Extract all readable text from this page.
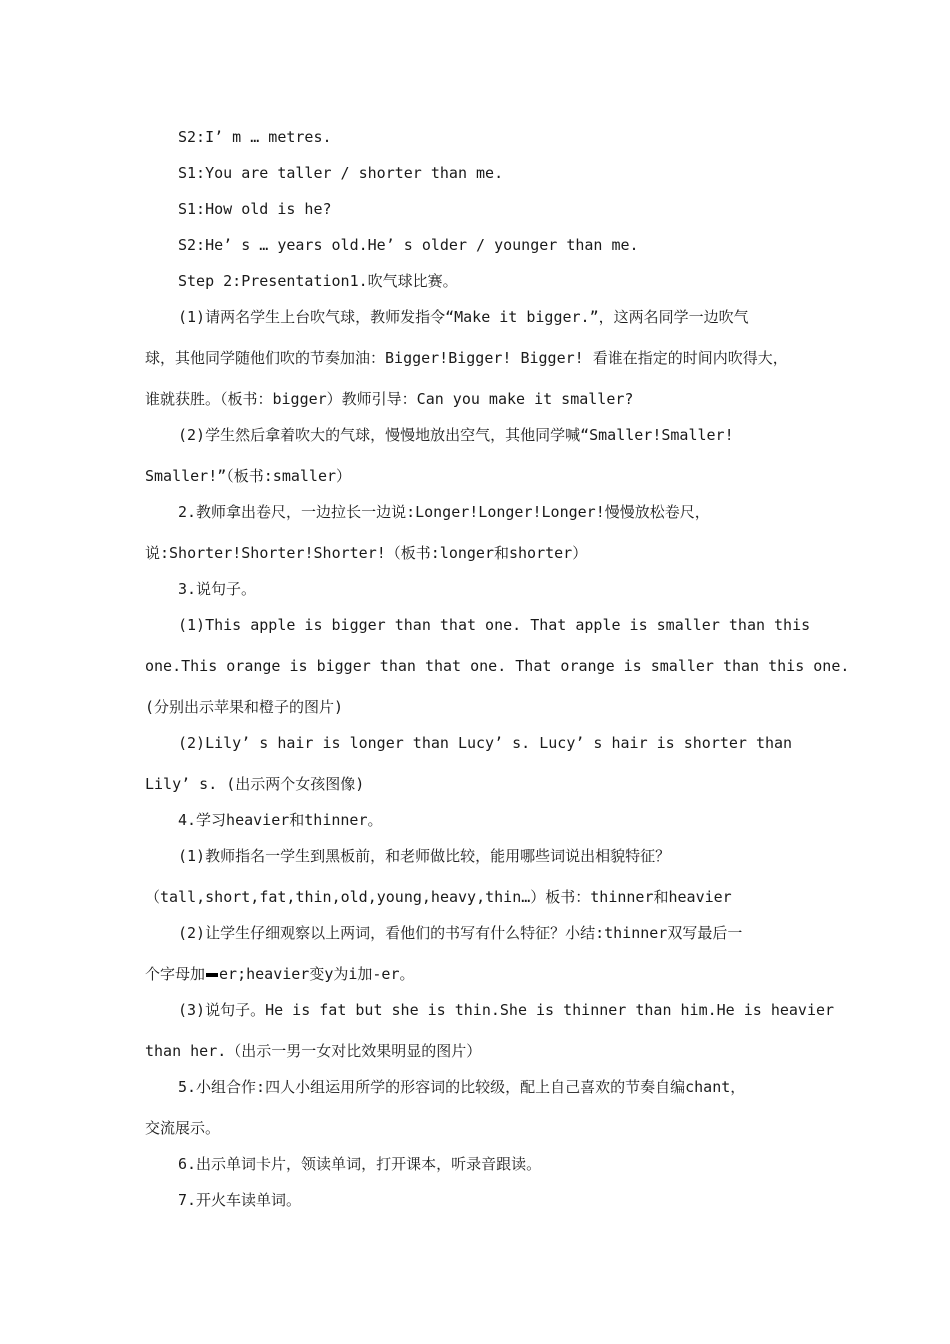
S2:I’ m … metres.
S1:You are taller / shorter than me.
S1:How old is he?
S2:He’ s … years old.He’ s older / younger than me.
Step 2:Presentation1.吹气球比赛。
(1)请两名学生上台吹气球，教师发指令“Make it bigger.”，这两名同学一边吹气
球，其他同学随他们吹的节奏加油：Bigger!Bigger! Bigger! 看谁在指定的时间内吹得大，
谁就获胜。（板书：bigger）教师引导：Can you make it smaller?
(2)学生然后拿着吹大的气球，慢慢地放出空气，其他同学喊“Smaller!Smaller!
Smaller!”（板书:smaller）
2.教师拿出卷尺，一边拉长一边说:Longer!Longer!Longer!慢慢放松卷尺，
说:Shorter!Shorter!Shorter!（板书:longer和shorter）
3.说句子。
(1)This apple is bigger than that one. That apple is smaller than this
one.This orange is bigger than that one. That orange is smaller than this one.
(分别出示苹果和橙子的图片)
(2)Lily’ s hair is longer than Lucy’ s. Lucy’ s hair is shorter than
Lily’ s. (出示两个女孩图像)
4.学习heavier和thinner。
(1)教师指名一学生到黑板前，和老师做比较，能用哪些词说出相貌特征？
（tall,short,fat,thin,old,young,heavy,thin…）板书：thinner和heavier
(2)让学生仔细观察以上两词，看他们的书写有什么特征？小结:thinner双写最后一
个字母加 er;heavier变y为i加-er。
(3)说句子。He is fat but she is thin.She is thinner than him.He is heavier
than her.（出示一男一女对比效果明显的图片）
5.小组合作:四人小组运用所学的形容词的比较级，配上自己喜欢的节奏自编chant，
交流展示。
6.出示单词卡片，领读单词，打开课本，听录音跟读。
7.开火车读单词。
